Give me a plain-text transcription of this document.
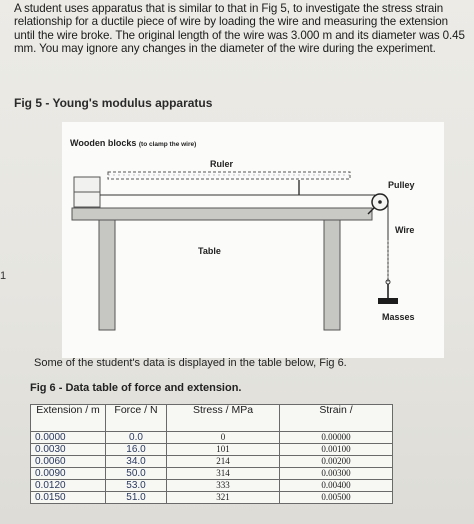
A student uses apparatus that is similar to that in Fig 5, to investigate the stress strain relationship for a ductile piece of wire by loading the wire and measuring the extension until the wire broke. The original length of the wire was 3.000 m and its diameter was 0.45 mm. You may ignore any changes in the diameter of the wire during the experiment.
Fig 5 - Young's modulus apparatus
1
Wooden blocks (to clamp the wire)
Ruler
Pulley
Wire
Table
Masses
Some of the student's data is displayed in the table below, Fig 6.
Fig 6 - Data table of force and extension.
Extension / m	Force / N	Stress / MPa	Strain /
0.0000	0.0	0	0.00000
0.0030	16.0	101	0.00100
0.0060	34.0	214	0.00200
0.0090	50.0	314	0.00300
0.0120	53.0	333	0.00400
0.0150	51.0	321	0.00500
